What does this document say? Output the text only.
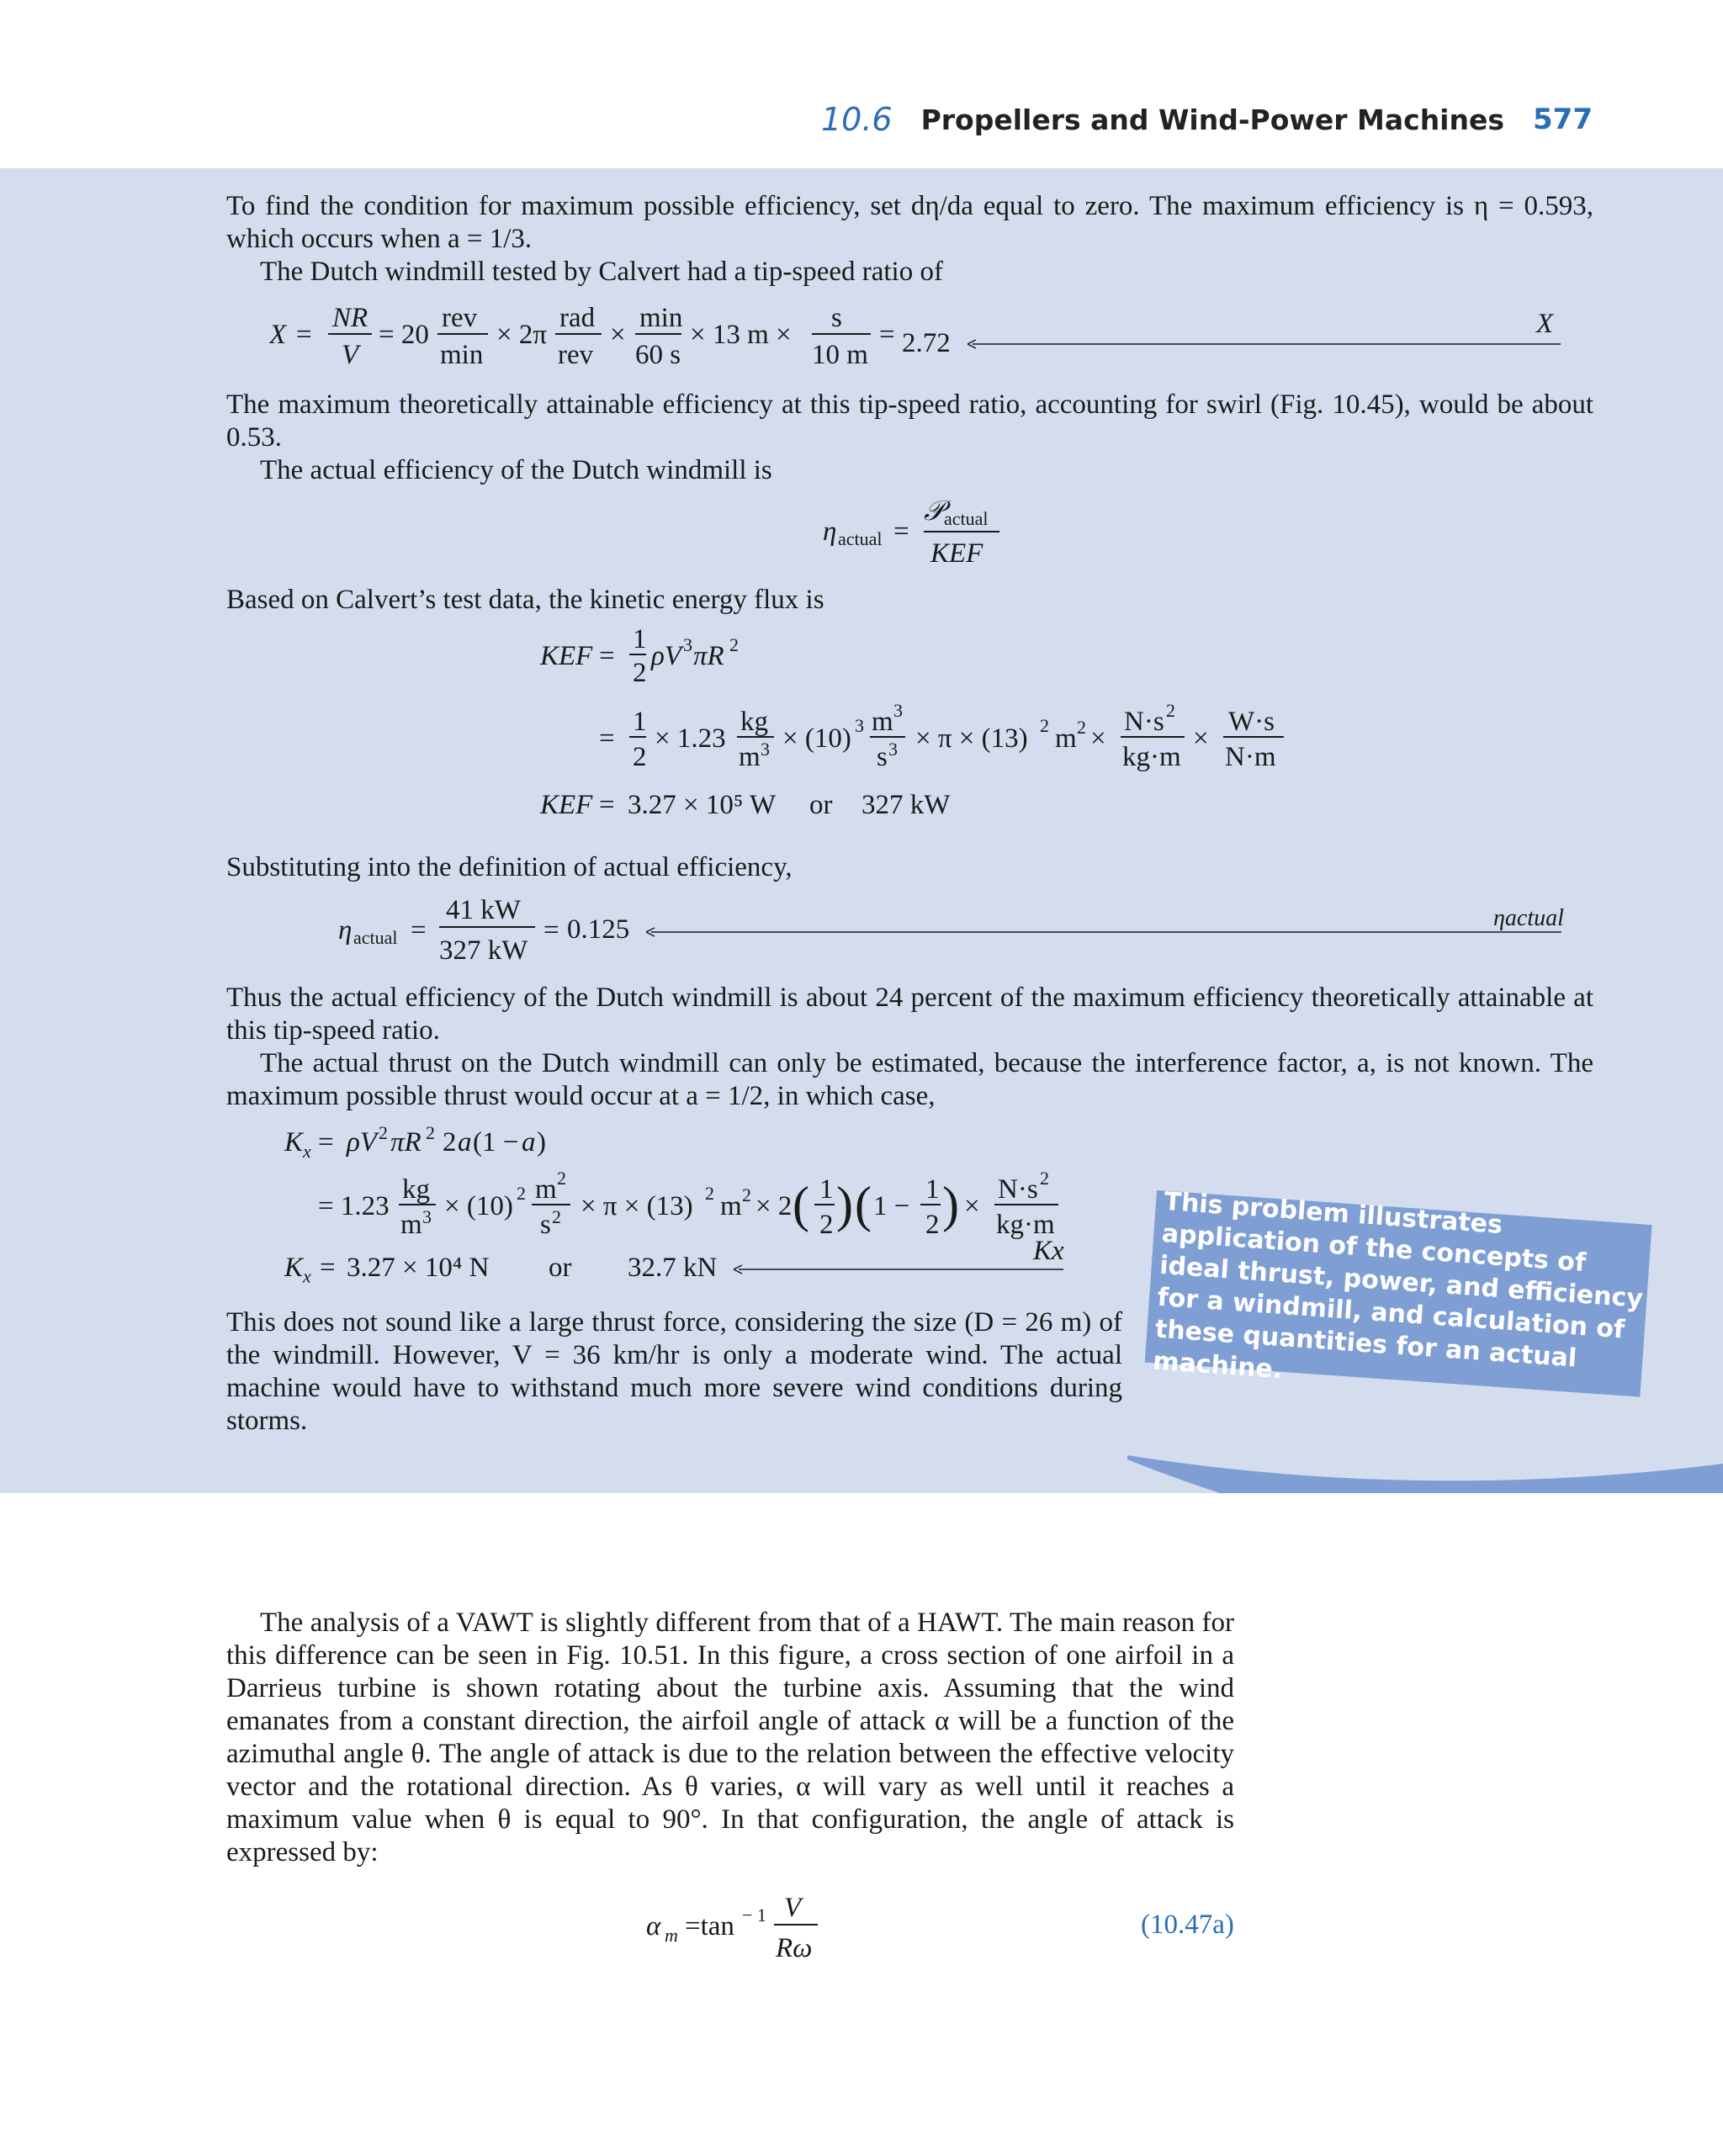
10.6 Propellers and Wind-Power Machines 577

To find the condition for maximum possible efficiency, set dη/da equal to zero. The maximum efficiency is η = 0.593, which occurs when a = 1/3.

The Dutch windmill tested by Calvert had a tip-speed ratio of

X =
NR
V
= 20
rev
min
× 2π
rad
rev
×
min
60 s
× 13 m ×
s
10 m
= 2.72
X

The maximum theoretically attainable efficiency at this tip-speed ratio, accounting for swirl (Fig. 10.45), would be about 0.53.

The actual efficiency of the Dutch windmill is

η actual =
𝒫 actual
KEF

Based on Calvert’s test data, the kinetic energy flux is

KEF =
1
2
ρV 3 πR 2
=
1
2
× 1.23
kg
m 3 × (10) 3 m 3
s 3 × π × (13) 2 m 2 ×
N·s 2
kg·m
×
W·s
N·m
KEF = 3.27 × 10⁵ W or 327 kW

Substituting into the definition of actual efficiency,

η actual =
41 kW
327 kW
= 0.125	ηactual

Thus the actual efficiency of the Dutch windmill is about 24 percent of the maximum efficiency theoretically attainable at this tip-speed ratio.

The actual thrust on the Dutch windmill can only be estimated, because the interference factor, a, is not known. The maximum possible thrust would occur at a = 1/2, in which case,

K x = ρV 2 πR 2 2 a (1 − a )
= 1.23
kg
m 3 × (10) 2 m 2
s 2 × π × (13) 2 m 2 × 2 ( 1
2 ) ( 1 −
1
2 ) ×
N·s 2
kg·m
$K_x = 3.27 \times 10^4$ N or 32.7 kN
Kx

This does not sound like a large thrust force, considering the size (D = 26 m) of the windmill. However, V = 36 km/hr is only a moderate wind. The actual machine would have to withstand much more severe wind conditions during storms.

This problem illustrates application of the concepts of ideal thrust, power, and efficiency for a windmill, and calculation of these quantities for an actual machine.

The analysis of a VAWT is slightly different from that of a HAWT. The main reason for this difference can be seen in Fig. 10.51. In this figure, a cross section of one airfoil in a Darrieus turbine is shown rotating about the turbine axis. Assuming that the wind emanates from a constant direction, the airfoil angle of attack α will be a function of the azimuthal angle θ. The angle of attack is due to the relation between the effective velocity vector and the rotational direction. As θ varies, α will vary as well until it reaches a maximum value when θ is equal to 90°. In that configuration, the angle of attack is expressed by:

α m =tan − 1 V
Rω
(10.47a)
